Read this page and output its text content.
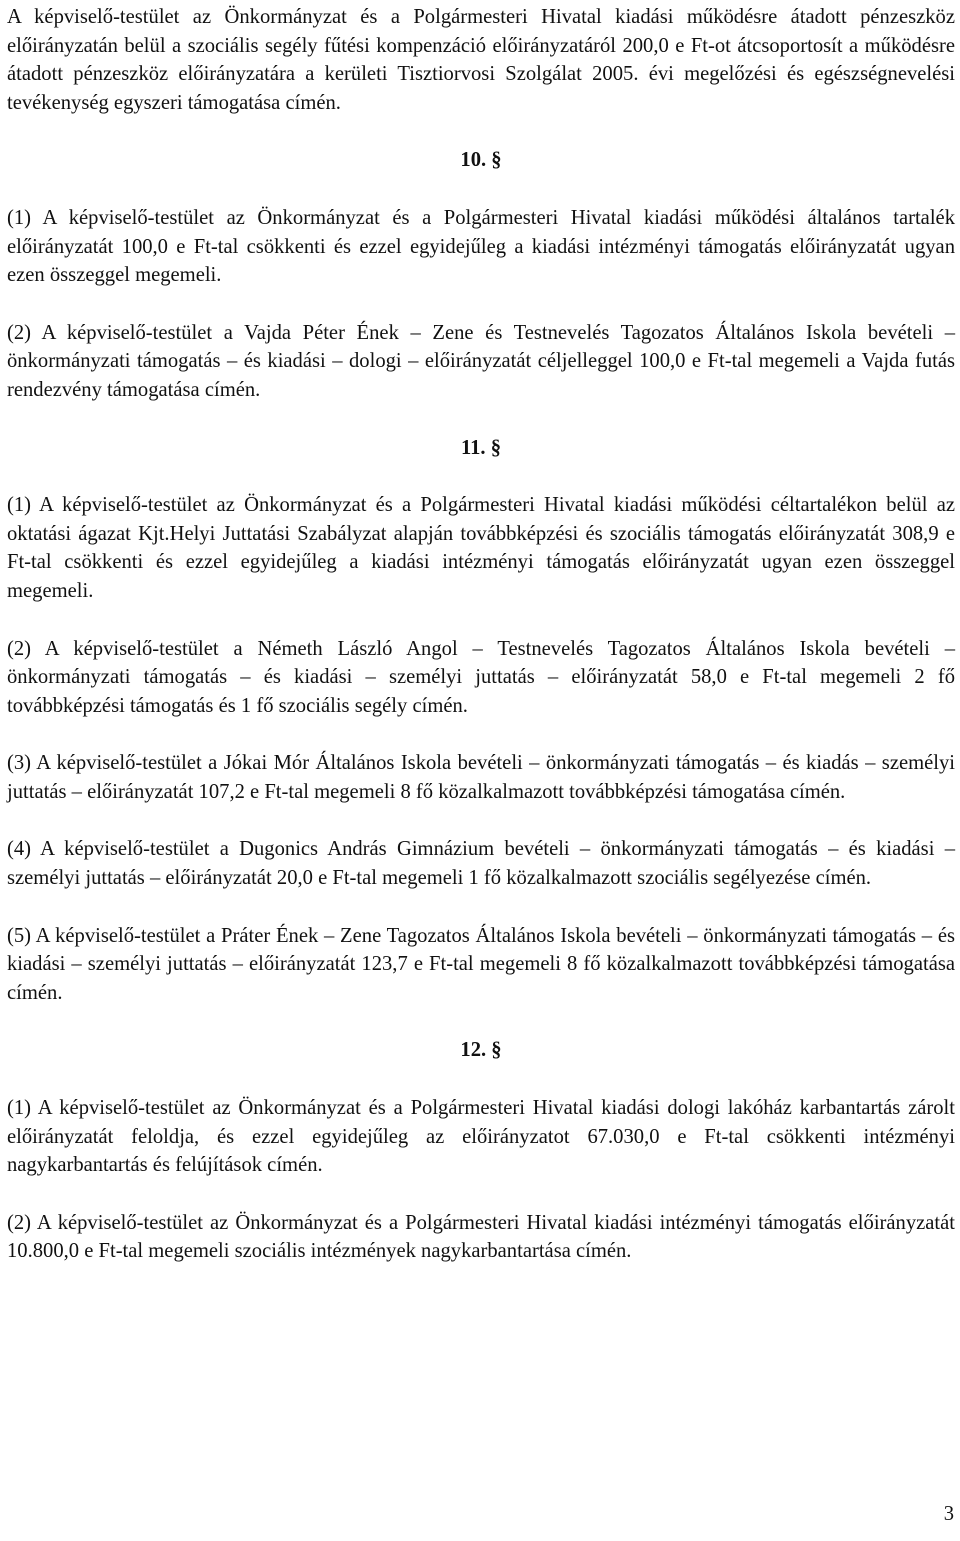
A képviselő-testület az Önkormányzat és a Polgármesteri Hivatal kiadási működésre átadott pénzeszköz előirányzatán belül a szociális segély fűtési kompenzáció előirányzatáról 200,0 e Ft-ot átcsoportosít a működésre átadott pénzeszköz előirányzatára a kerületi Tisztiorvosi Szolgálat 2005. évi megelőzési és egészségnevelési tevékenység egyszeri támogatása címén.

10. §

(1) A képviselő-testület az Önkormányzat és a Polgármesteri Hivatal kiadási működési általános tartalék előirányzatát 100,0 e Ft-tal csökkenti és ezzel egyidejűleg a kiadási intézményi támogatás előirányzatát ugyan ezen összeggel megemeli.

(2) A képviselő-testület a Vajda Péter Ének – Zene és Testnevelés Tagozatos Általános Iskola bevételi – önkormányzati támogatás – és kiadási – dologi – előirányzatát céljelleggel 100,0 e Ft-tal megemeli a Vajda futás rendezvény támogatása címén.

11. §

(1) A képviselő-testület az Önkormányzat és a Polgármesteri Hivatal kiadási működési céltartalékon belül az oktatási ágazat Kjt.Helyi Juttatási Szabályzat alapján továbbképzési és szociális támogatás előirányzatát 308,9 e Ft-tal csökkenti és ezzel egyidejűleg a kiadási intézményi támogatás előirányzatát ugyan ezen összeggel megemeli.

(2) A képviselő-testület a Németh László Angol – Testnevelés Tagozatos Általános Iskola bevételi – önkormányzati támogatás – és kiadási – személyi juttatás – előirányzatát 58,0 e Ft-tal megemeli 2 fő továbbképzési támogatás és 1 fő szociális segély címén.

(3) A képviselő-testület a Jókai Mór Általános Iskola bevételi – önkormányzati támogatás – és kiadás – személyi juttatás – előirányzatát 107,2 e Ft-tal megemeli 8 fő közalkalmazott továbbképzési támogatása címén.

(4) A képviselő-testület a Dugonics András Gimnázium bevételi – önkormányzati támogatás – és kiadási – személyi juttatás – előirányzatát 20,0 e Ft-tal megemeli 1 fő közalkalmazott szociális segélyezése címén.

(5) A képviselő-testület a Práter Ének – Zene Tagozatos Általános Iskola bevételi – önkormányzati támogatás – és kiadási – személyi juttatás – előirányzatát 123,7 e Ft-tal megemeli 8 fő közalkalmazott továbbképzési támogatása címén.

12. §

(1) A képviselő-testület az Önkormányzat és a Polgármesteri Hivatal kiadási dologi lakóház karbantartás zárolt előirányzatát feloldja, és ezzel egyidejűleg az előirányzatot 67.030,0 e Ft-tal csökkenti intézményi nagykarbantartás és felújítások címén.

(2) A képviselő-testület az Önkormányzat és a Polgármesteri Hivatal kiadási intézményi támogatás előirányzatát 10.800,0 e Ft-tal megemeli szociális intézmények nagykarbantartása címén.

3
